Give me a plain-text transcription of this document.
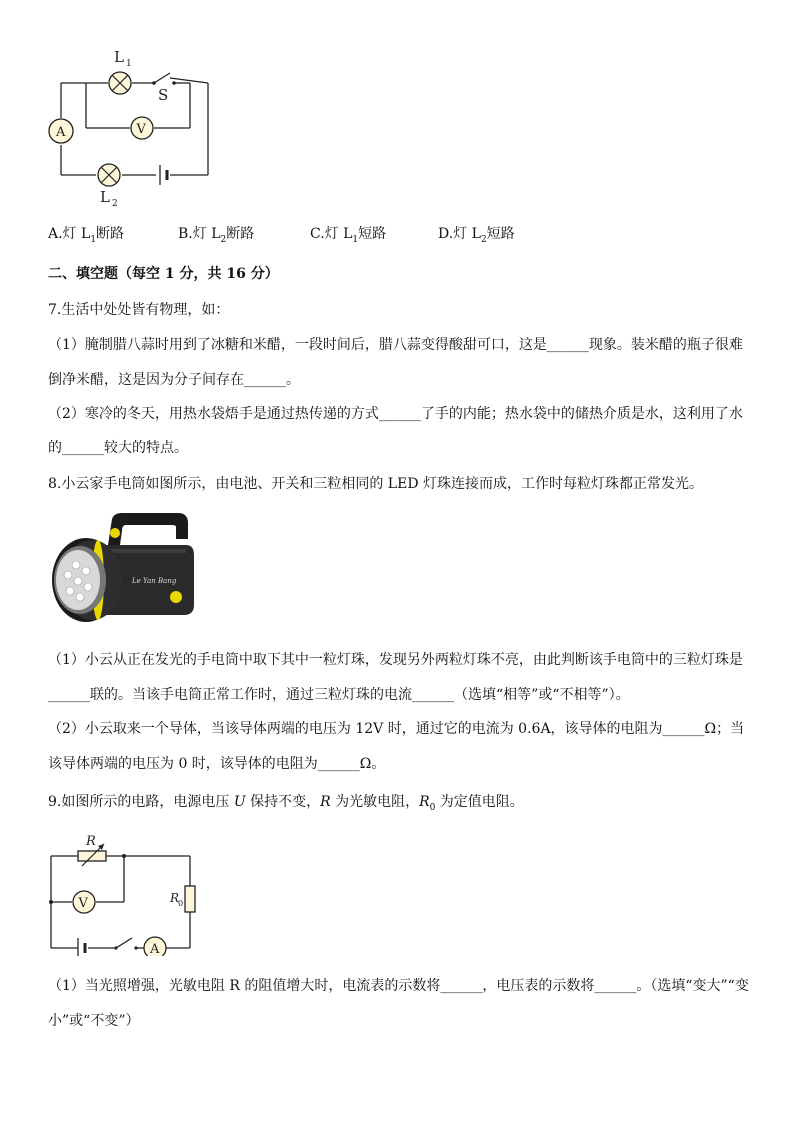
L 1
S
V
A
L 2
A.灯 $L_1$断路	B.灯 $L_2$断路	C.灯 $L_1$短路	D.灯 $L_2$短路
二、填空题（每空 1 分，共 16 分）
7.生活中处处皆有物理，如：
（1）腌制腊八蒜时用到了冰糖和米醋，一段时间后，腊八蒜变得酸甜可口，这是______现象。装米醋的瓶子很难
倒净米醋，这是因为分子间存在______。
（2）寒冷的冬天，用热水袋焐手是通过热传递的方式______了手的内能；热水袋中的储热介质是水，这利用了水
的______较大的特点。
8.小云家手电筒如图所示，由电池、开关和三粒相同的 LED 灯珠连接而成，工作时每粒灯珠都正常发光。
Le Yan Bang
（1）小云从正在发光的手电筒中取下其中一粒灯珠，发现另外两粒灯珠不亮，由此判断该手电筒中的三粒灯珠是
______联的。当该手电筒正常工作时，通过三粒灯珠的电流______（选填“相等”或“不相等”）。
（2）小云取来一个导体，当该导体两端的电压为 12V 时，通过它的电流为 0.6A，该导体的电阻为______Ω；当
该导体两端的电压为 0 时，该导体的电阻为______Ω。
9.如图所示的电路，电源电压 U 保持不变，R 为光敏电阻，$R_0$ 为定值电阻。
R
V	R
0
A
（1）当光照增强，光敏电阻 R 的阻值增大时，电流表的示数将______，电压表的示数将______。（选填“变大”“变
小”或“不变”）
